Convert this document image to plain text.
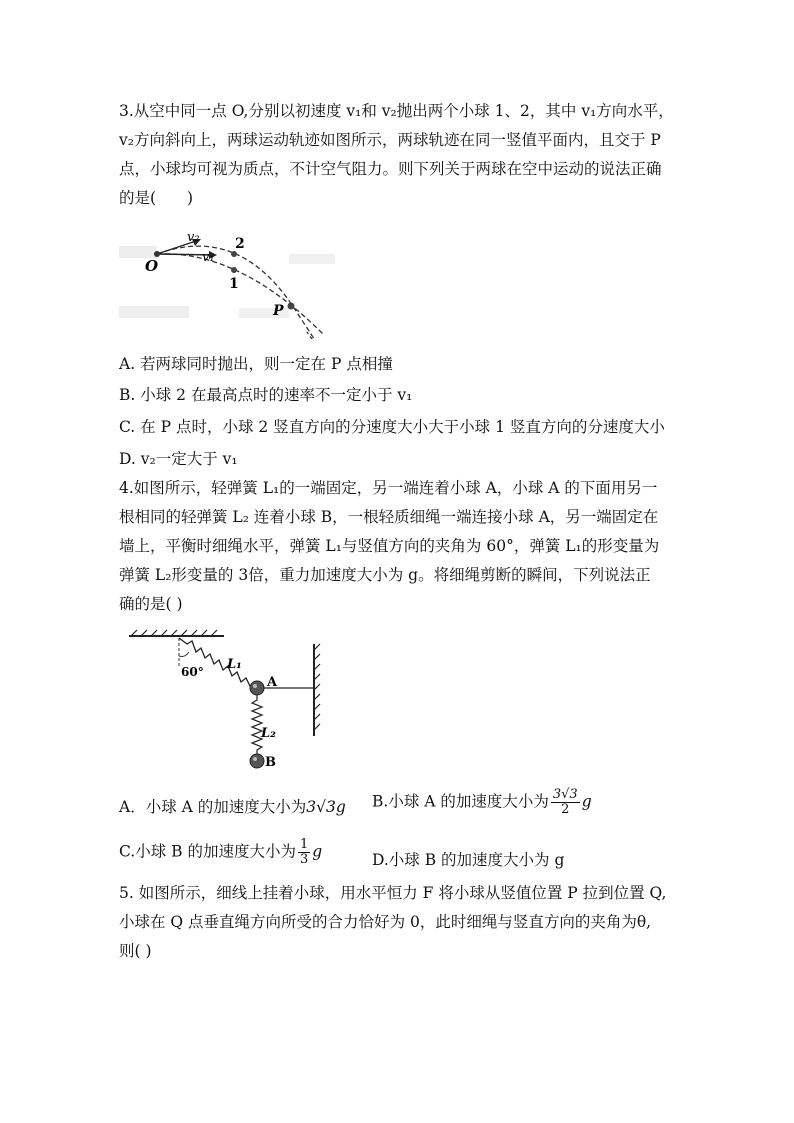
3.从空中同一点 O,分别以初速度 v₁和 v₂抛出两个小球 1、2，其中 v₁方向水平，
v₂方向斜向上，两球运动轨迹如图所示，两球轨迹在同一竖值平面内，且交于 P
点，小球均可视为质点，不计空气阻力。则下列关于两球在空中运动的说法正确
的是(　　)
O
v₂
v₁
2
1
P
A. 若两球同时抛出，则一定在 P 点相撞
B. 小球 2 在最高点时的速率不一定小于 v₁
C. 在 P 点时，小球 2 竖直方向的分速度大小大于小球 1 竖直方向的分速度大小
D. v₂一定大于 v₁
4.如图所示，轻弹簧 L₁的一端固定，另一端连着小球 A，小球 A 的下面用另一
根相同的轻弹簧 L₂ 连着小球 B，一根轻质细绳一端连接小球 A，另一端固定在
墙上，平衡时细绳水平，弹簧 L₁与竖值方向的夹角为 60°，弹簧 L₁的形变量为
弹簧 L₂形变量的 3倍，重力加速度大小为 g。将细绳剪断的瞬间，下列说法正
确的是( )
60° L₁
A
L₂
B
A．小球 A 的加速度大小为3√3g B.小球 A 的加速度大小为 $\frac{3√3}{2}$ g
C.小球 B 的加速度大小为 $\frac{1}{3}$ g	D.小球 B 的加速度大小为 g
5. 如图所示，细线上挂着小球，用水平恒力 F 将小球从竖值位置 P 拉到位置 Q,
小球在 Q 点垂直绳方向所受的合力恰好为 0，此时细绳与竖直方向的夹角为θ,
则( )
